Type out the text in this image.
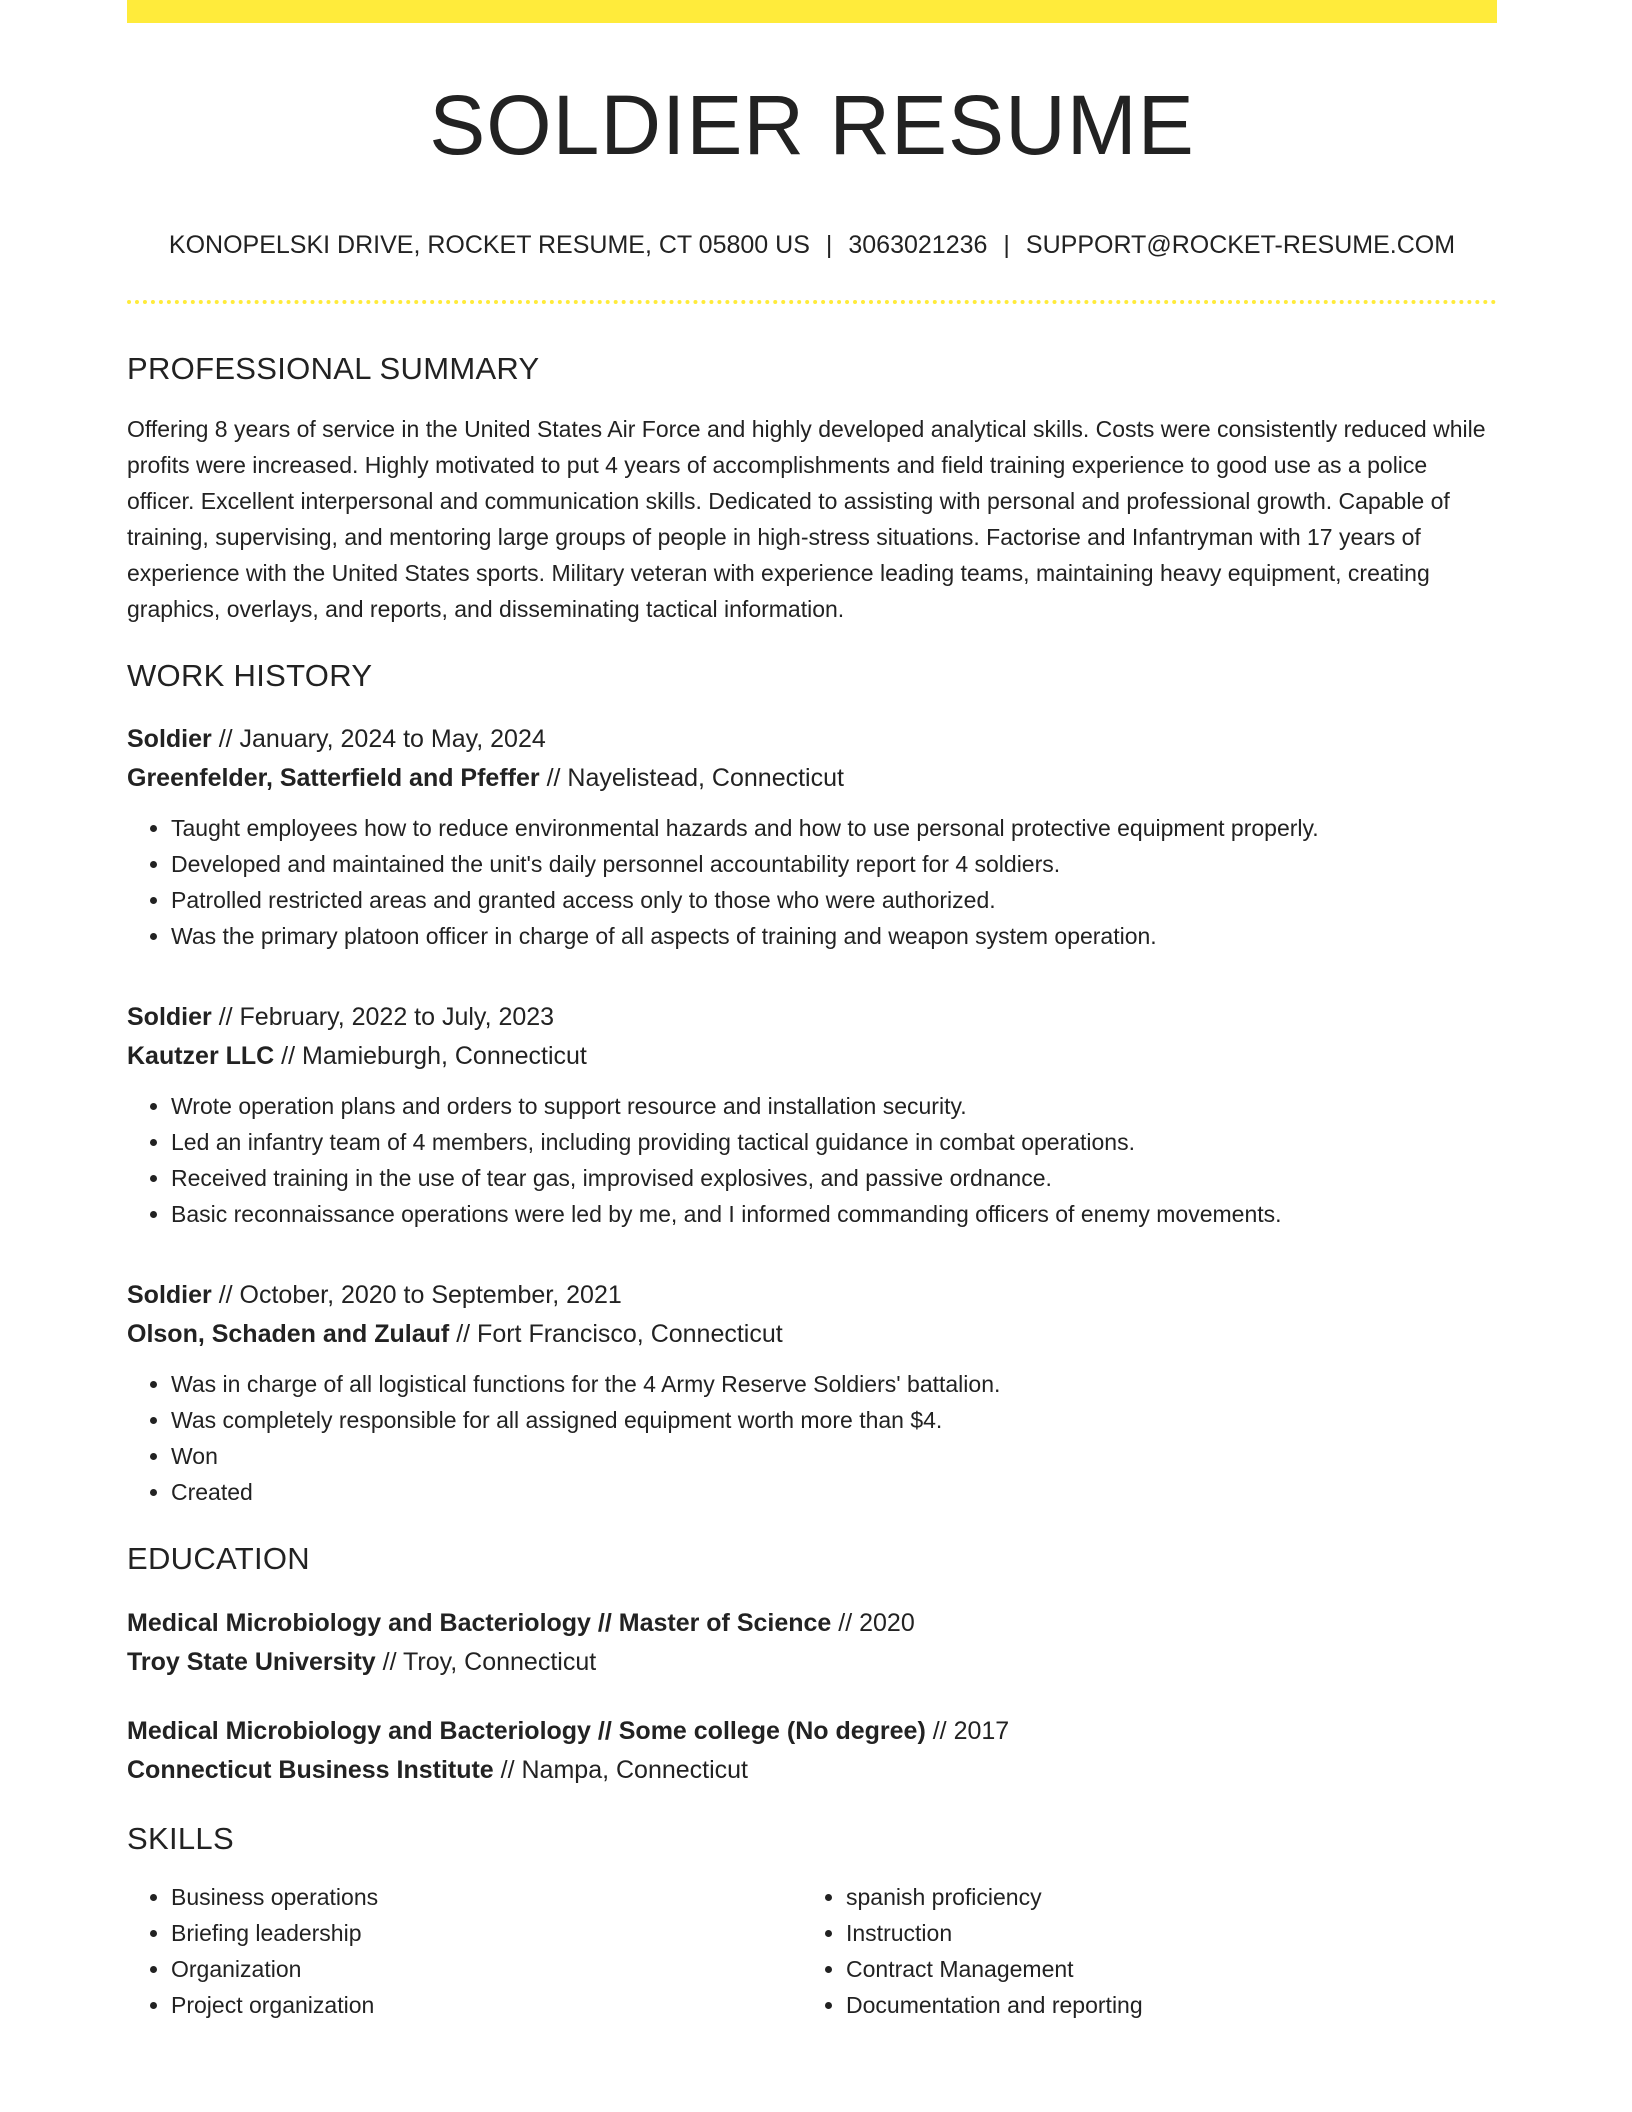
SOLDIER RESUME
KONOPELSKI DRIVE, ROCKET RESUME, CT 05800 US | 3063021236 | SUPPORT@ROCKET-RESUME.COM
PROFESSIONAL SUMMARY
Offering 8 years of service in the United States Air Force and highly developed analytical skills. Costs were consistently reduced while profits were increased. Highly motivated to put 4 years of accomplishments and field training experience to good use as a police officer. Excellent interpersonal and communication skills. Dedicated to assisting with personal and professional growth. Capable of training, supervising, and mentoring large groups of people in high-stress situations. Factorise and Infantryman with 17 years of experience with the United States sports. Military veteran with experience leading teams, maintaining heavy equipment, creating graphics, overlays, and reports, and disseminating tactical information.
WORK HISTORY
Soldier // January, 2024 to May, 2024
Greenfelder, Satterfield and Pfeffer // Nayelistead, Connecticut
• Taught employees how to reduce environmental hazards and how to use personal protective equipment properly.
• Developed and maintained the unit's daily personnel accountability report for 4 soldiers.
• Patrolled restricted areas and granted access only to those who were authorized.
• Was the primary platoon officer in charge of all aspects of training and weapon system operation.
Soldier // February, 2022 to July, 2023
Kautzer LLC // Mamieburgh, Connecticut
• Wrote operation plans and orders to support resource and installation security.
• Led an infantry team of 4 members, including providing tactical guidance in combat operations.
• Received training in the use of tear gas, improvised explosives, and passive ordnance.
• Basic reconnaissance operations were led by me, and I informed commanding officers of enemy movements.
Soldier // October, 2020 to September, 2021
Olson, Schaden and Zulauf // Fort Francisco, Connecticut
• Was in charge of all logistical functions for the 4 Army Reserve Soldiers' battalion.
• Was completely responsible for all assigned equipment worth more than $4.
• Won
• Created
EDUCATION
Medical Microbiology and Bacteriology // Master of Science // 2020
Troy State University // Troy, Connecticut
Medical Microbiology and Bacteriology // Some college (No degree) // 2017
Connecticut Business Institute // Nampa, Connecticut
SKILLS
• Business operations
• Briefing leadership
• Organization
• Project organization
• spanish proficiency
• Instruction
• Contract Management
• Documentation and reporting
